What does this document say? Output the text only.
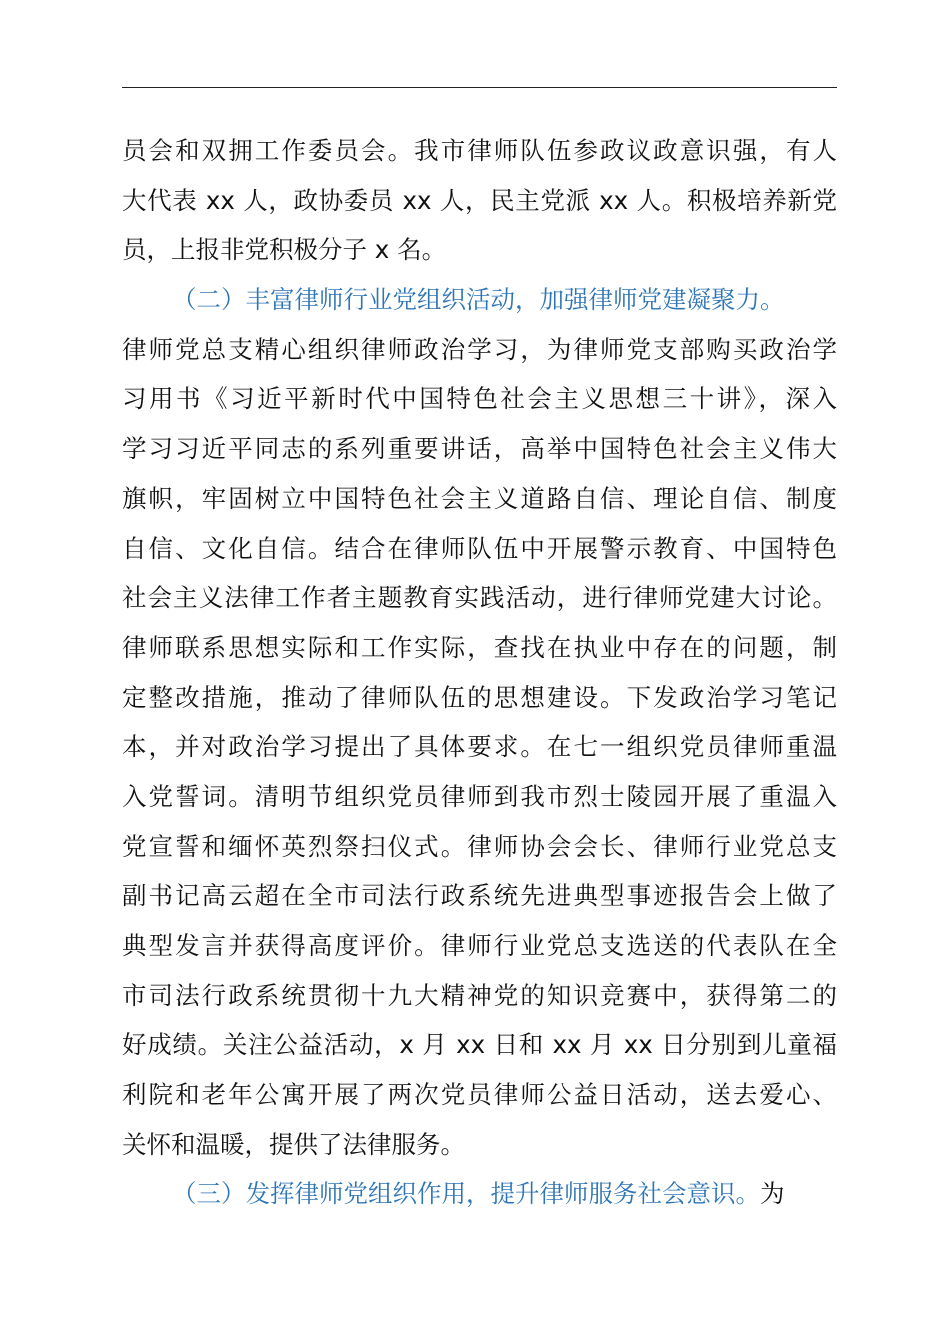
员会和双拥工作委员会。我市律师队伍参政议政意识强，有人
大代表 xx 人，政协委员 xx 人，民主党派 xx 人。积极培养新党
员，上报非党积极分子 x 名。
（二）丰富律师行业党组织活动，加强律师党建凝聚力。
律师党总支精心组织律师政治学习，为律师党支部购买政治学
习用书《习近平新时代中国特色社会主义思想三十讲》，深入
学习习近平同志的系列重要讲话，高举中国特色社会主义伟大
旗帜，牢固树立中国特色社会主义道路自信、理论自信、制度
自信、文化自信。结合在律师队伍中开展警示教育、中国特色
社会主义法律工作者主题教育实践活动，进行律师党建大讨论。
律师联系思想实际和工作实际，查找在执业中存在的问题，制
定整改措施，推动了律师队伍的思想建设。下发政治学习笔记
本，并对政治学习提出了具体要求。在七一组织党员律师重温
入党誓词。清明节组织党员律师到我市烈士陵园开展了重温入
党宣誓和缅怀英烈祭扫仪式。律师协会会长、律师行业党总支
副书记高云超在全市司法行政系统先进典型事迹报告会上做了
典型发言并获得高度评价。律师行业党总支选送的代表队在全
市司法行政系统贯彻十九大精神党的知识竞赛中，获得第二的
好成绩。关注公益活动，x 月 xx 日和 xx 月 xx 日分别到儿童福
利院和老年公寓开展了两次党员律师公益日活动，送去爱心、
关怀和温暖，提供了法律服务。
（三）发挥律师党组织作用，提升律师服务社会意识。为
